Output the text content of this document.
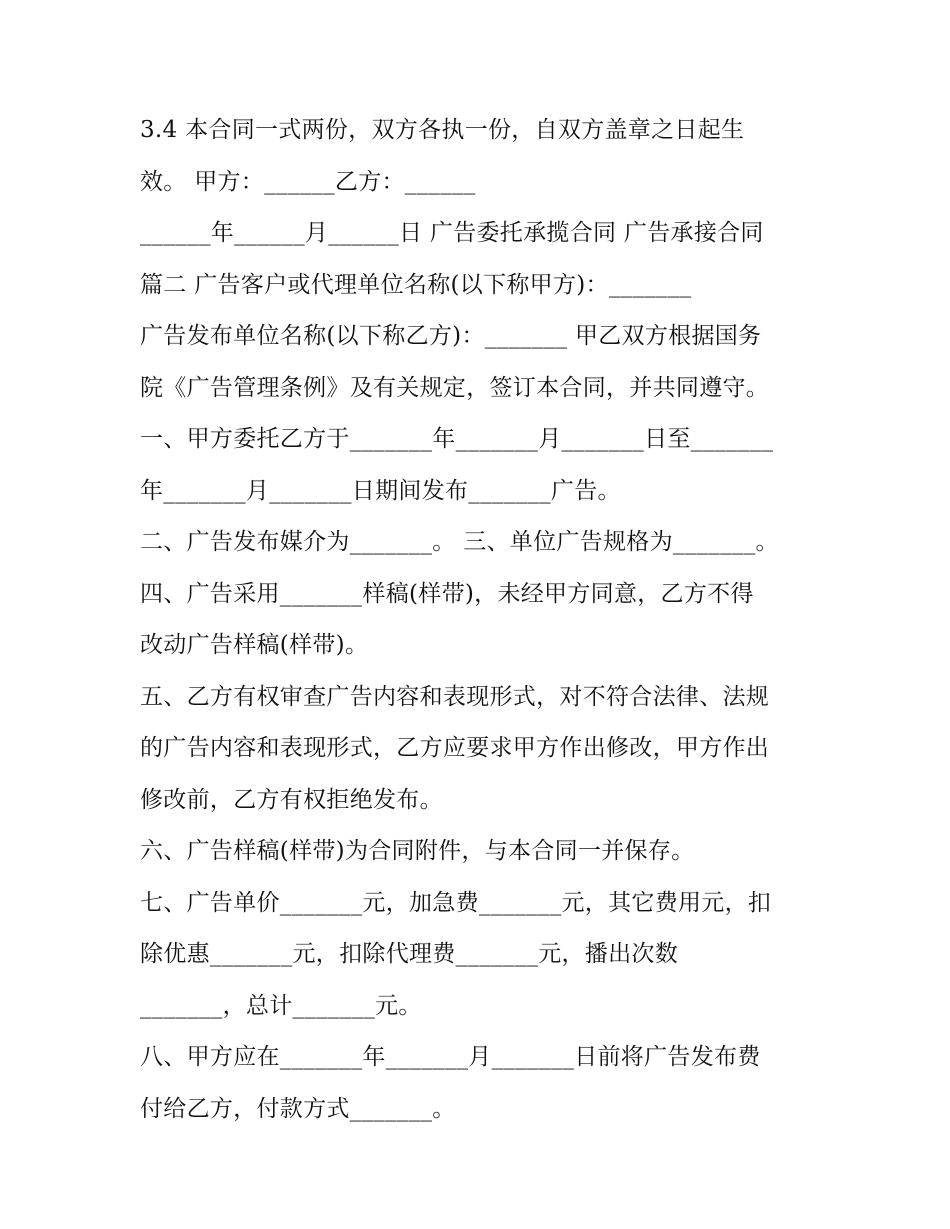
3.4 本合同一式两份，双方各执一份，自双方盖章之日起生
效。 甲方：______乙方：______
______年______月______日 广告委托承揽合同 广告承接合同
篇二 广告客户或代理单位名称(以下称甲方)：_______
广告发布单位名称(以下称乙方)：_______ 甲乙双方根据国务
院《广告管理条例》及有关规定，签订本合同，并共同遵守。
一、甲方委托乙方于_______年_______月_______日至_______
年_______月_______日期间发布_______广告。
二、广告发布媒介为_______。 三、单位广告规格为_______。
四、广告采用_______样稿(样带)，未经甲方同意，乙方不得
改动广告样稿(样带)。
五、乙方有权审查广告内容和表现形式，对不符合法律、法规
的广告内容和表现形式，乙方应要求甲方作出修改，甲方作出
修改前，乙方有权拒绝发布。
六、广告样稿(样带)为合同附件，与本合同一并保存。
七、广告单价_______元，加急费_______元，其它费用元，扣
除优惠_______元，扣除代理费_______元，播出次数
_______，总计_______元。
八、甲方应在_______年_______月_______日前将广告发布费
付给乙方，付款方式_______。
